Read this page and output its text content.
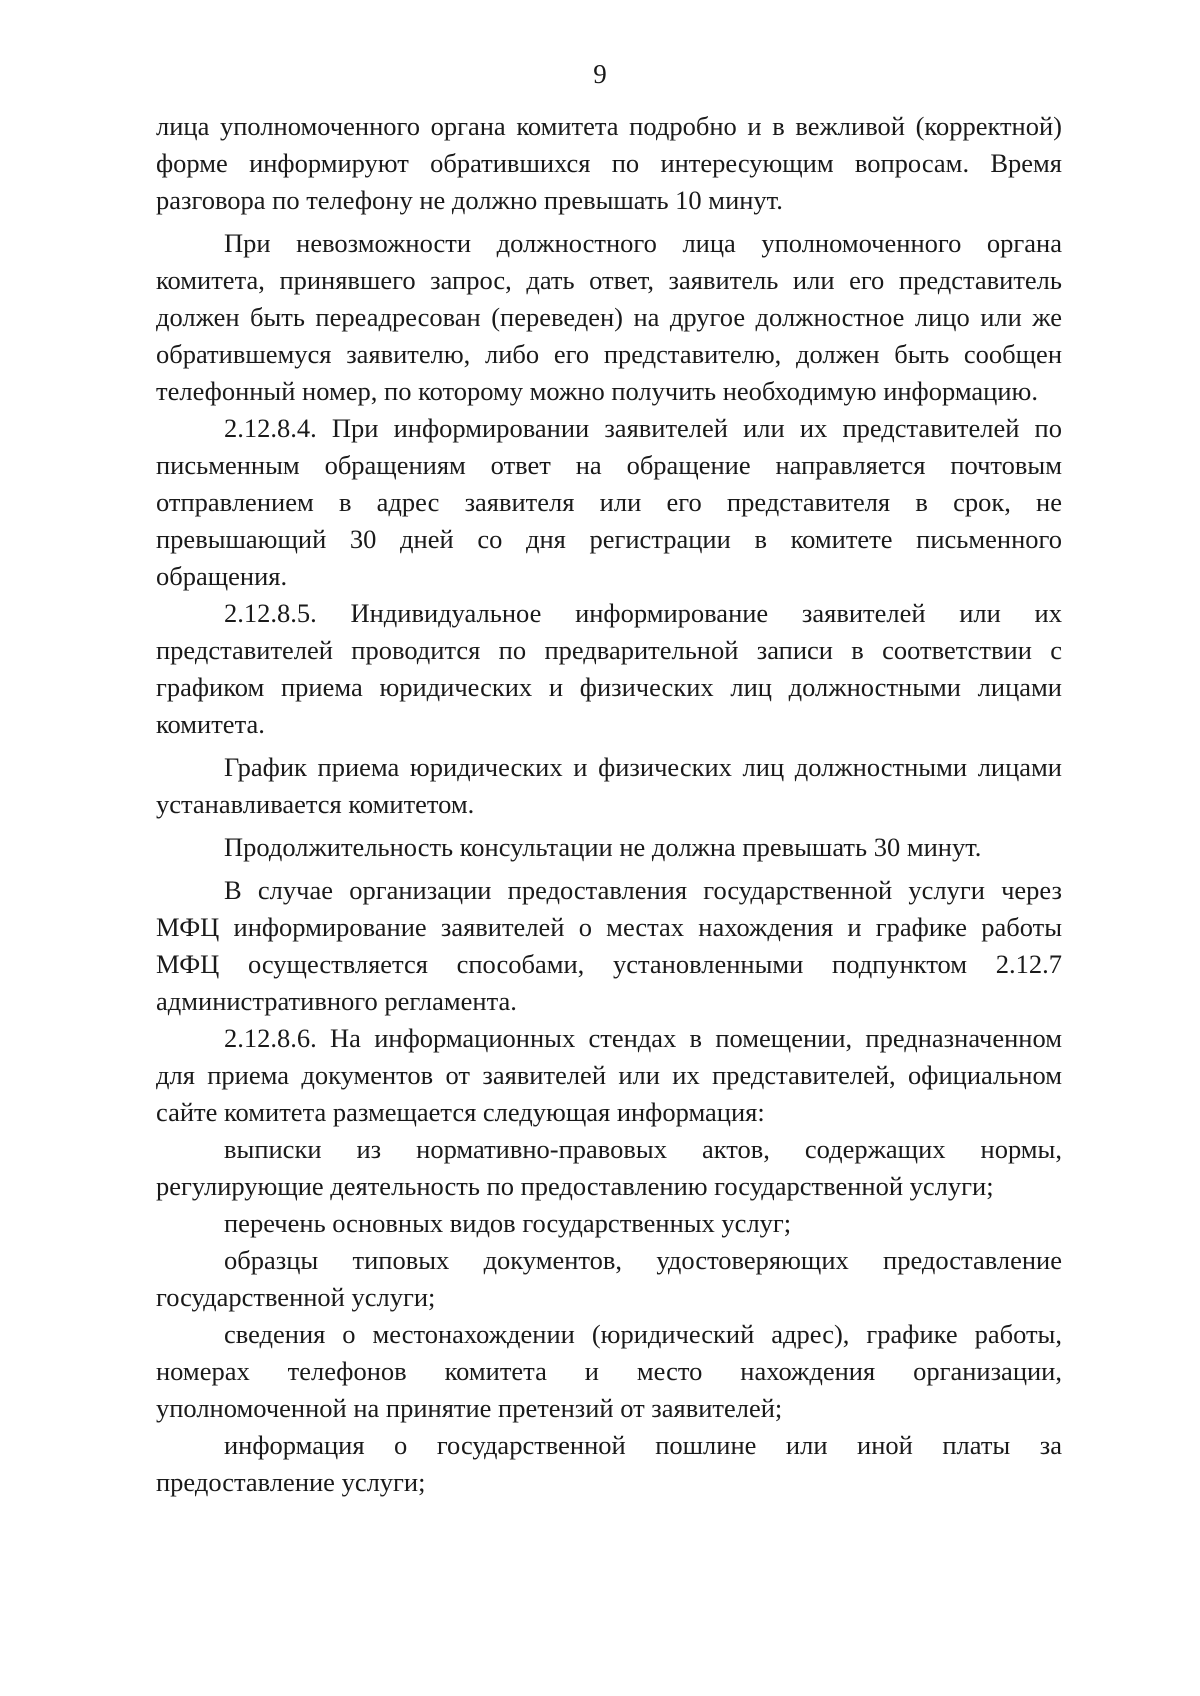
9

лица уполномоченного органа комитета подробно и в вежливой (корректной) форме информируют обратившихся по интересующим вопросам. Время разговора по телефону не должно превышать 10 минут.

При невозможности должностного лица уполномоченного органа комитета, принявшего запрос, дать ответ, заявитель или его представитель должен быть переадресован (переведен) на другое должностное лицо или же обратившемуся заявителю, либо его представителю, должен быть сообщен телефонный номер, по которому можно получить необходимую информацию.

2.12.8.4. При информировании заявителей или их представителей по письменным обращениям ответ на обращение направляется почтовым отправлением в адрес заявителя или его представителя в срок, не превышающий 30 дней со дня регистрации в комитете письменного обращения.

2.12.8.5. Индивидуальное информирование заявителей или их представителей проводится по предварительной записи в соответствии с графиком приема юридических и физических лиц должностными лицами комитета.

График приема юридических и физических лиц должностными лицами устанавливается комитетом.

Продолжительность консультации не должна превышать 30 минут.

В случае организации предоставления государственной услуги через МФЦ информирование заявителей о местах нахождения и графике работы МФЦ осуществляется способами, установленными подпунктом 2.12.7 административного регламента.

2.12.8.6. На информационных стендах в помещении, предназначенном для приема документов от заявителей или их представителей, официальном сайте комитета размещается следующая информация:

выписки из нормативно-правовых актов, содержащих нормы, регулирующие деятельность по предоставлению государственной услуги;

перечень основных видов государственных услуг;

образцы типовых документов, удостоверяющих предоставление государственной услуги;

сведения о местонахождении (юридический адрес), графике работы, номерах телефонов комитета и место нахождения организации, уполномоченной на принятие претензий от заявителей;

информация о государственной пошлине или иной платы за предоставление услуги;
